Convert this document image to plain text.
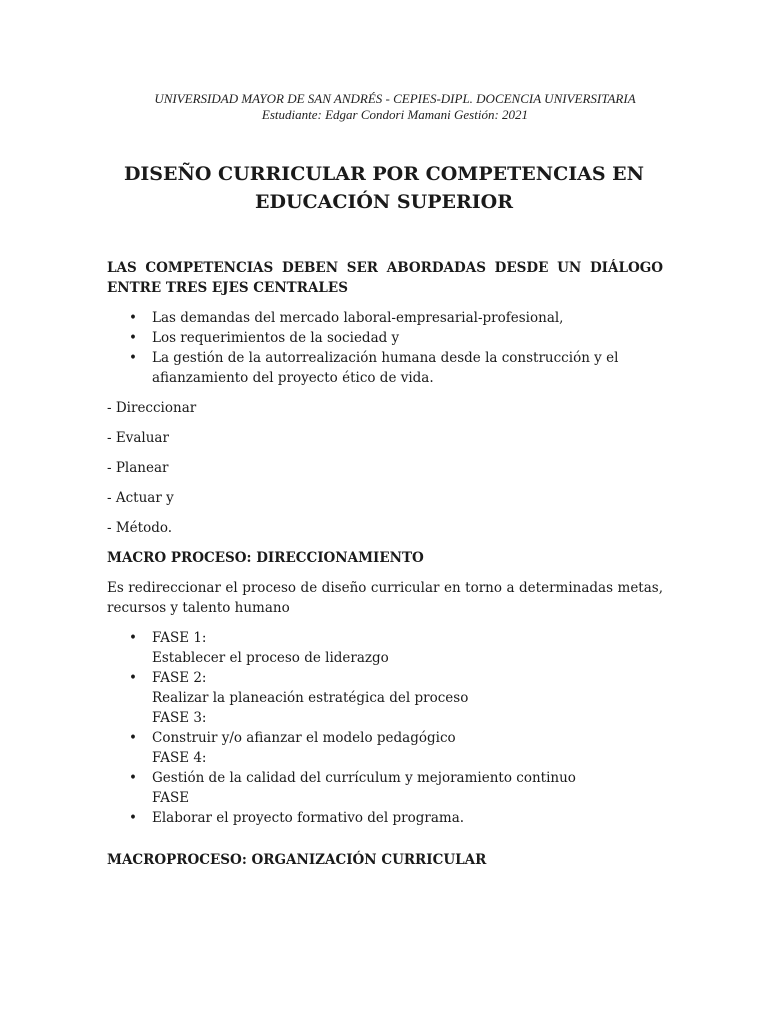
UNIVERSIDAD MAYOR DE SAN ANDRÉS - CEPIES-DIPL. DOCENCIA UNIVERSITARIA
Estudiante: Edgar Condori Mamani Gestión: 2021
DISEÑO CURRICULAR POR COMPETENCIAS EN
EDUCACIÓN SUPERIOR

LAS COMPETENCIAS DEBEN SER ABORDADAS DESDE UN DIÁLOGO ENTRE TRES EJES CENTRALES

• Las demandas del mercado laboral-empresarial-profesional,
• Los requerimientos de la sociedad y
• La gestión de la autorrealización humana desde la construcción y el afianzamiento del proyecto ético de vida.

- Direccionar

- Evaluar

- Planear

- Actuar y

- Método.

MACRO PROCESO: DIRECCIONAMIENTO

Es redireccionar el proceso de diseño curricular en torno a determinadas metas, recursos y talento humano

• FASE 1:
Establecer el proceso de liderazgo
• FASE 2:
Realizar la planeación estratégica del proceso
FASE 3:
• Construir y/o afianzar el modelo pedagógico
FASE 4:
• Gestión de la calidad del currículum y mejoramiento continuo
FASE
• Elaborar el proyecto formativo del programa.

MACROPROCESO: ORGANIZACIÓN CURRICULAR
